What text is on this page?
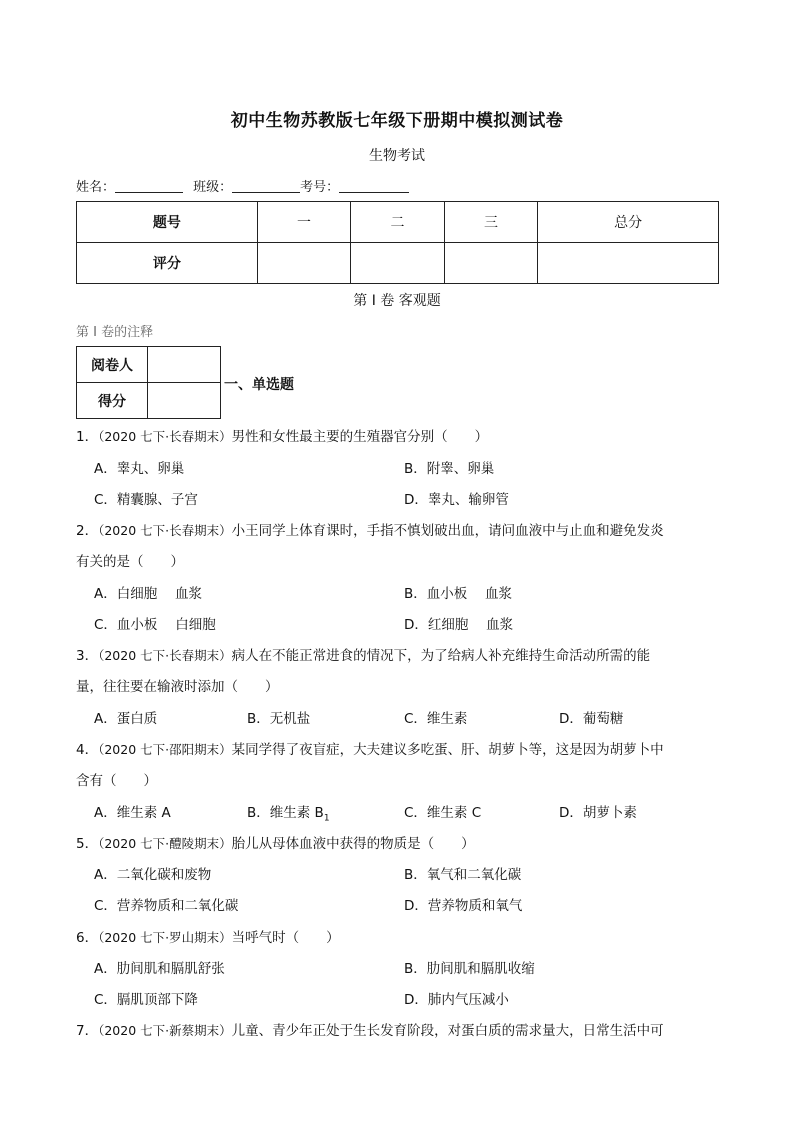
初中生物苏教版七年级下册期中模拟测试卷
生物考试
姓名：	班级：	考号：
题号	一	二	三	总分
评分				
第 I 卷 客观题
第 I 卷的注释
阅卷人	
得分	
一、单选题
1．（2020 七下·长春期末）男性和女性最主要的生殖器官分别（　　）
A．睾丸、卵巢	B．附睾、卵巢
C．精囊腺、子宫	D．睾丸、输卵管
2．（2020 七下·长春期末）小王同学上体育课时，手指不慎划破出血，请问血液中与止血和避免发炎
有关的是（　　）
A．白细胞　 血浆	B．血小板　 血浆
C．血小板　 白细胞	D．红细胞　 血浆
3．（2020 七下·长春期末）病人在不能正常进食的情况下，为了给病人补充维持生命活动所需的能
量，往往要在输液时添加（　　）
A．蛋白质	B．无机盐	C．维生素	D．葡萄糖
4．（2020 七下·邵阳期末）某同学得了夜盲症，大夫建议多吃蛋、肝、胡萝卜等，这是因为胡萝卜中
含有（　　）
A．维生素 A	B．维生素 $B_1$	C．维生素 C	D．胡萝卜素
5．（2020 七下·醴陵期末）胎儿从母体血液中获得的物质是（　　）
A．二氧化碳和废物	B．氧气和二氧化碳
C．营养物质和二氧化碳	D．营养物质和氧气
6．（2020 七下·罗山期末）当呼气时（　　）
A．肋间肌和膈肌舒张	B．肋间肌和膈肌收缩
C．膈肌顶部下降	D．肺内气压减小
7．（2020 七下·新蔡期末）儿童、青少年正处于生长发育阶段，对蛋白质的需求量大，日常生活中可
